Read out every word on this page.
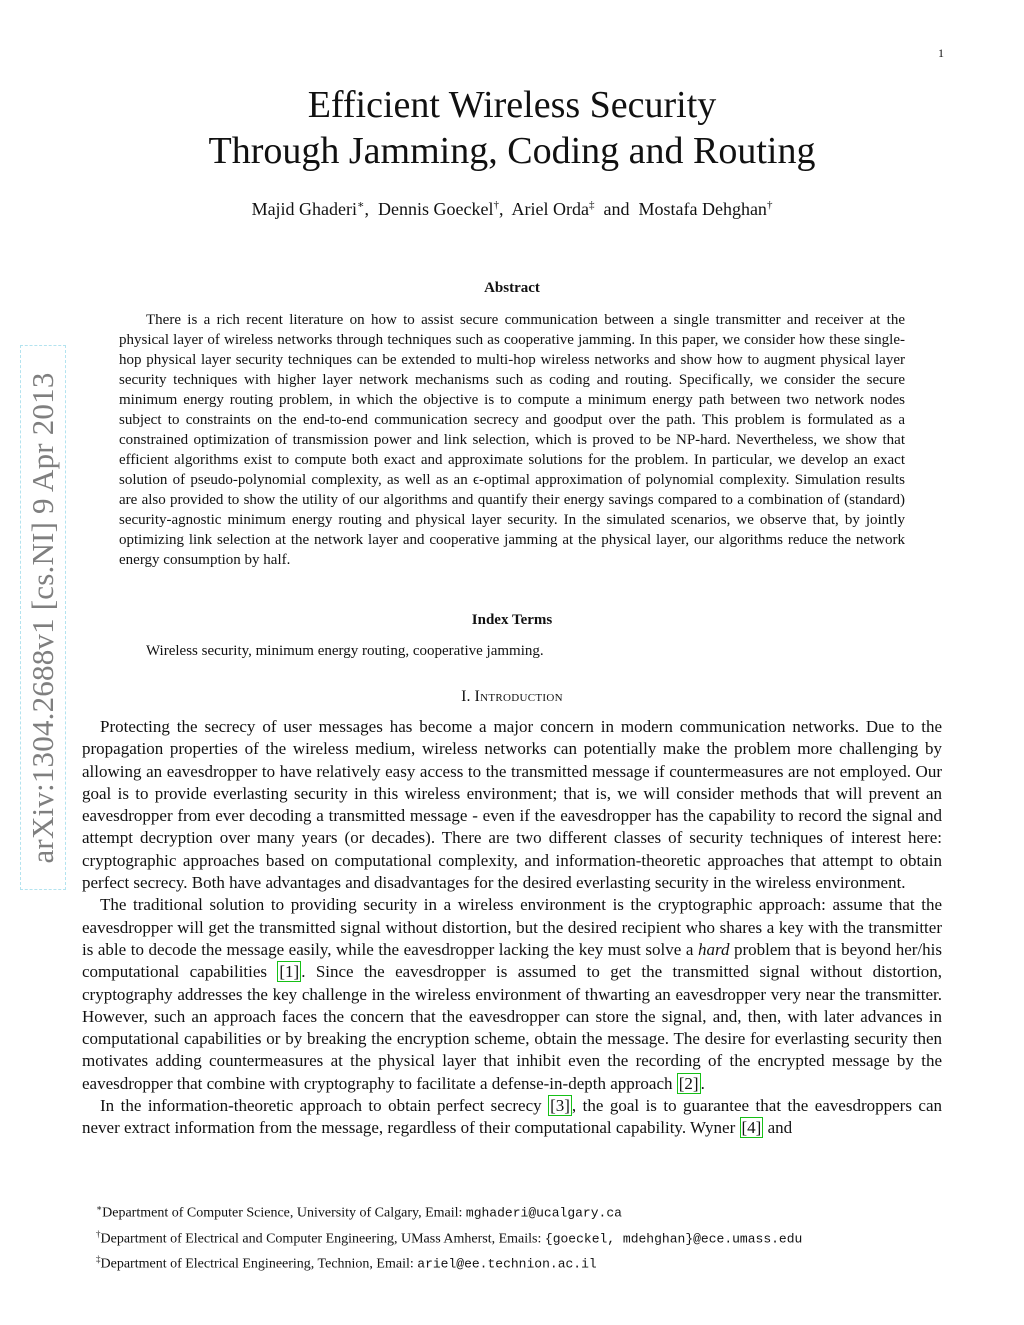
1
arXiv:1304.2688v1 [cs.NI] 9 Apr 2013
Efficient Wireless Security
Through Jamming, Coding and Routing
Majid Ghaderi∗,  Dennis Goeckel†,  Ariel Orda‡  and  Mostafa Dehghan†
Abstract

There is a rich recent literature on how to assist secure communication between a single transmitter and receiver at the physical layer of wireless networks through techniques such as cooperative jamming. In this paper, we consider how these single-hop physical layer security techniques can be extended to multi-hop wireless networks and show how to augment physical layer security techniques with higher layer network mechanisms such as coding and routing. Specifically, we consider the secure minimum energy routing problem, in which the objective is to compute a minimum energy path between two network nodes subject to constraints on the end-to-end communication secrecy and goodput over the path. This problem is formulated as a constrained optimization of transmission power and link selection, which is proved to be NP-hard. Nevertheless, we show that efficient algorithms exist to compute both exact and approximate solutions for the problem. In particular, we develop an exact solution of pseudo-polynomial complexity, as well as an ϵ-optimal approximation of polynomial complexity. Simulation results are also provided to show the utility of our algorithms and quantify their energy savings compared to a combination of (standard) security-agnostic minimum energy routing and physical layer security. In the simulated scenarios, we observe that, by jointly optimizing link selection at the network layer and cooperative jamming at the physical layer, our algorithms reduce the network energy consumption by half.

Index Terms

Wireless security, minimum energy routing, cooperative jamming.

I. Introduction

Protecting the secrecy of user messages has become a major concern in modern communication networks. Due to the propagation properties of the wireless medium, wireless networks can potentially make the problem more challenging by allowing an eavesdropper to have relatively easy access to the transmitted message if countermeasures are not employed. Our goal is to provide everlasting security in this wireless environment; that is, we will consider methods that will prevent an eavesdropper from ever decoding a transmitted message - even if the eavesdropper has the capability to record the signal and attempt decryption over many years (or decades). There are two different classes of security techniques of interest here: cryptographic approaches based on computational complexity, and information-theoretic approaches that attempt to obtain perfect secrecy. Both have advantages and disadvantages for the desired everlasting security in the wireless environment.

The traditional solution to providing security in a wireless environment is the cryptographic approach: assume that the eavesdropper will get the transmitted signal without distortion, but the desired recipient who shares a key with the transmitter is able to decode the message easily, while the eavesdropper lacking the key must solve a hard problem that is beyond her/his computational capabilities [1] . Since the eavesdropper is assumed to get the transmitted signal without distortion, cryptography addresses the key challenge in the wireless environment of thwarting an eavesdropper very near the transmitter. However, such an approach faces the concern that the eavesdropper can store the signal, and, then, with later advances in computational capabilities or by breaking the encryption scheme, obtain the message. The desire for everlasting security then motivates adding countermeasures at the physical layer that inhibit even the recording of the encrypted message by the eavesdropper that combine with cryptography to facilitate a defense-in-depth approach [2] .

In the information-theoretic approach to obtain perfect secrecy [3] , the goal is to guarantee that the eavesdroppers can never extract information from the message, regardless of their computational capability. Wyner [4] and

∗Department of Computer Science, University of Calgary, Email: mghaderi@ucalgary.ca
†Department of Electrical and Computer Engineering, UMass Amherst, Emails: {goeckel, mdehghan}@ece.umass.edu
‡Department of Electrical Engineering, Technion, Email: ariel@ee.technion.ac.il
